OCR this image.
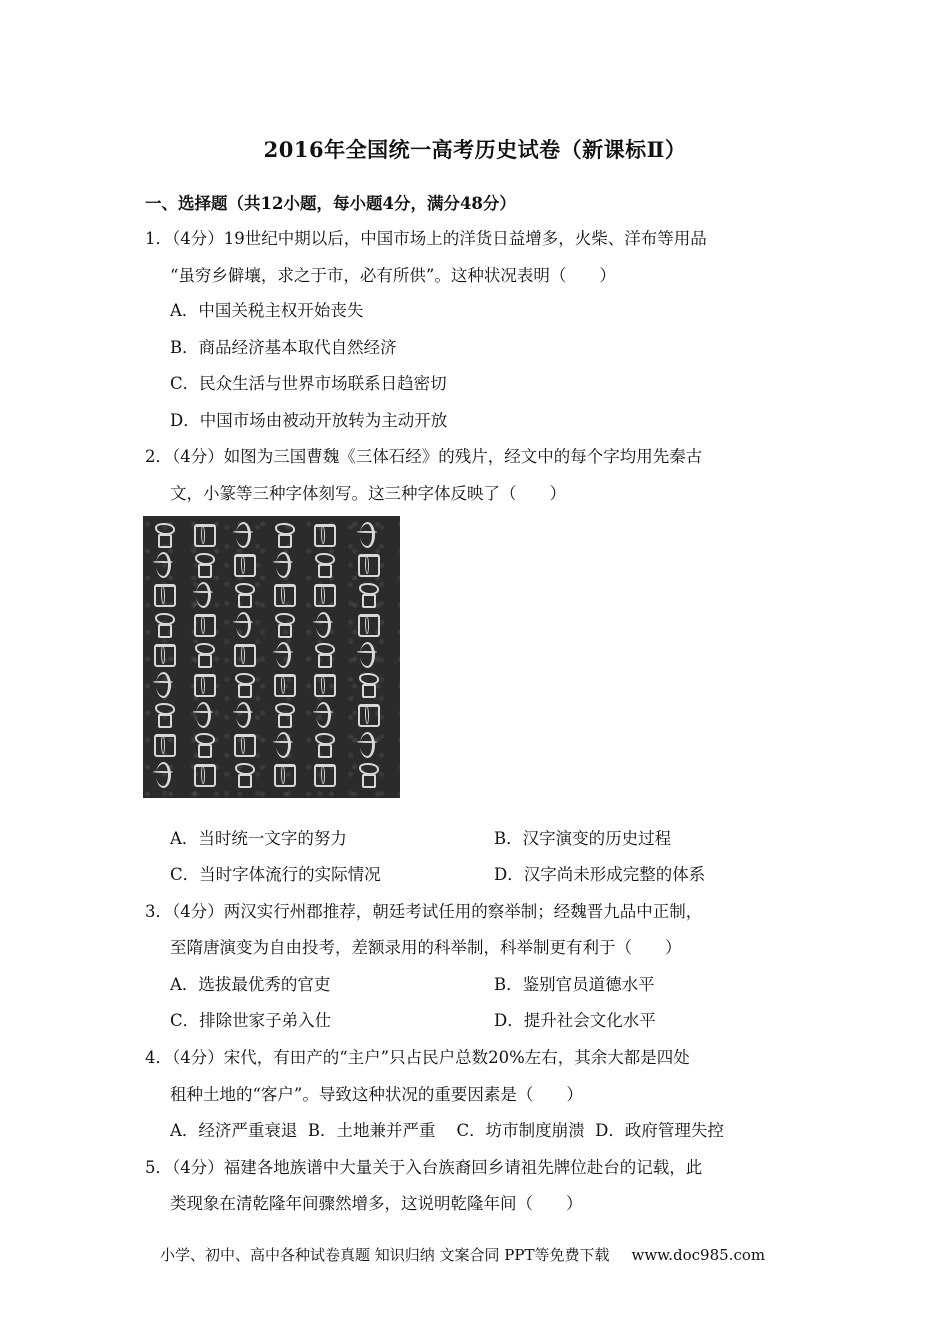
2016年全国统一高考历史试卷（新课标Ⅱ）
一、选择题（共12小题，每小题4分，满分48分）
1．（4分）19世纪中期以后，中国市场上的洋货日益增多，火柴、洋布等用品
“虽穷乡僻壤，求之于市，必有所供”。这种状况表明（　　）
A．中国关税主权开始丧失
B．商品经济基本取代自然经济
C．民众生活与世界市场联系日趋密切
D．中国市场由被动开放转为主动开放
2．（4分）如图为三国曹魏《三体石经》的残片，经文中的每个字均用先秦古
文，小篆等三种字体刻写。这三种字体反映了（　　）
A．当时统一文字的努力	B．汉字演变的历史过程
C．当时字体流行的实际情况	D．汉字尚未形成完整的体系
3．（4分）两汉实行州郡推荐，朝廷考试任用的察举制；经魏晋九品中正制，
至隋唐演变为自由投考，差额录用的科举制，科举制更有利于（　　）
A．选拔最优秀的官吏	B．鉴别官员道德水平
C．排除世家子弟入仕	D．提升社会文化水平
4．（4分）宋代，有田产的“主户”只占民户总数20%左右，其余大都是四处
租种土地的“客户”。导致这种状况的重要因素是（　　）
A．经济严重衰退  B．土地兼并严重    C．坊市制度崩溃  D．政府管理失控
5．（4分）福建各地族谱中大量关于入台族裔回乡请祖先牌位赴台的记载，此
类现象在清乾隆年间骤然增多，这说明乾隆年间（　　）
小学、初中、高中各种试卷真题 知识归纳 文案合同 PPT等免费下载 www.doc985.com
